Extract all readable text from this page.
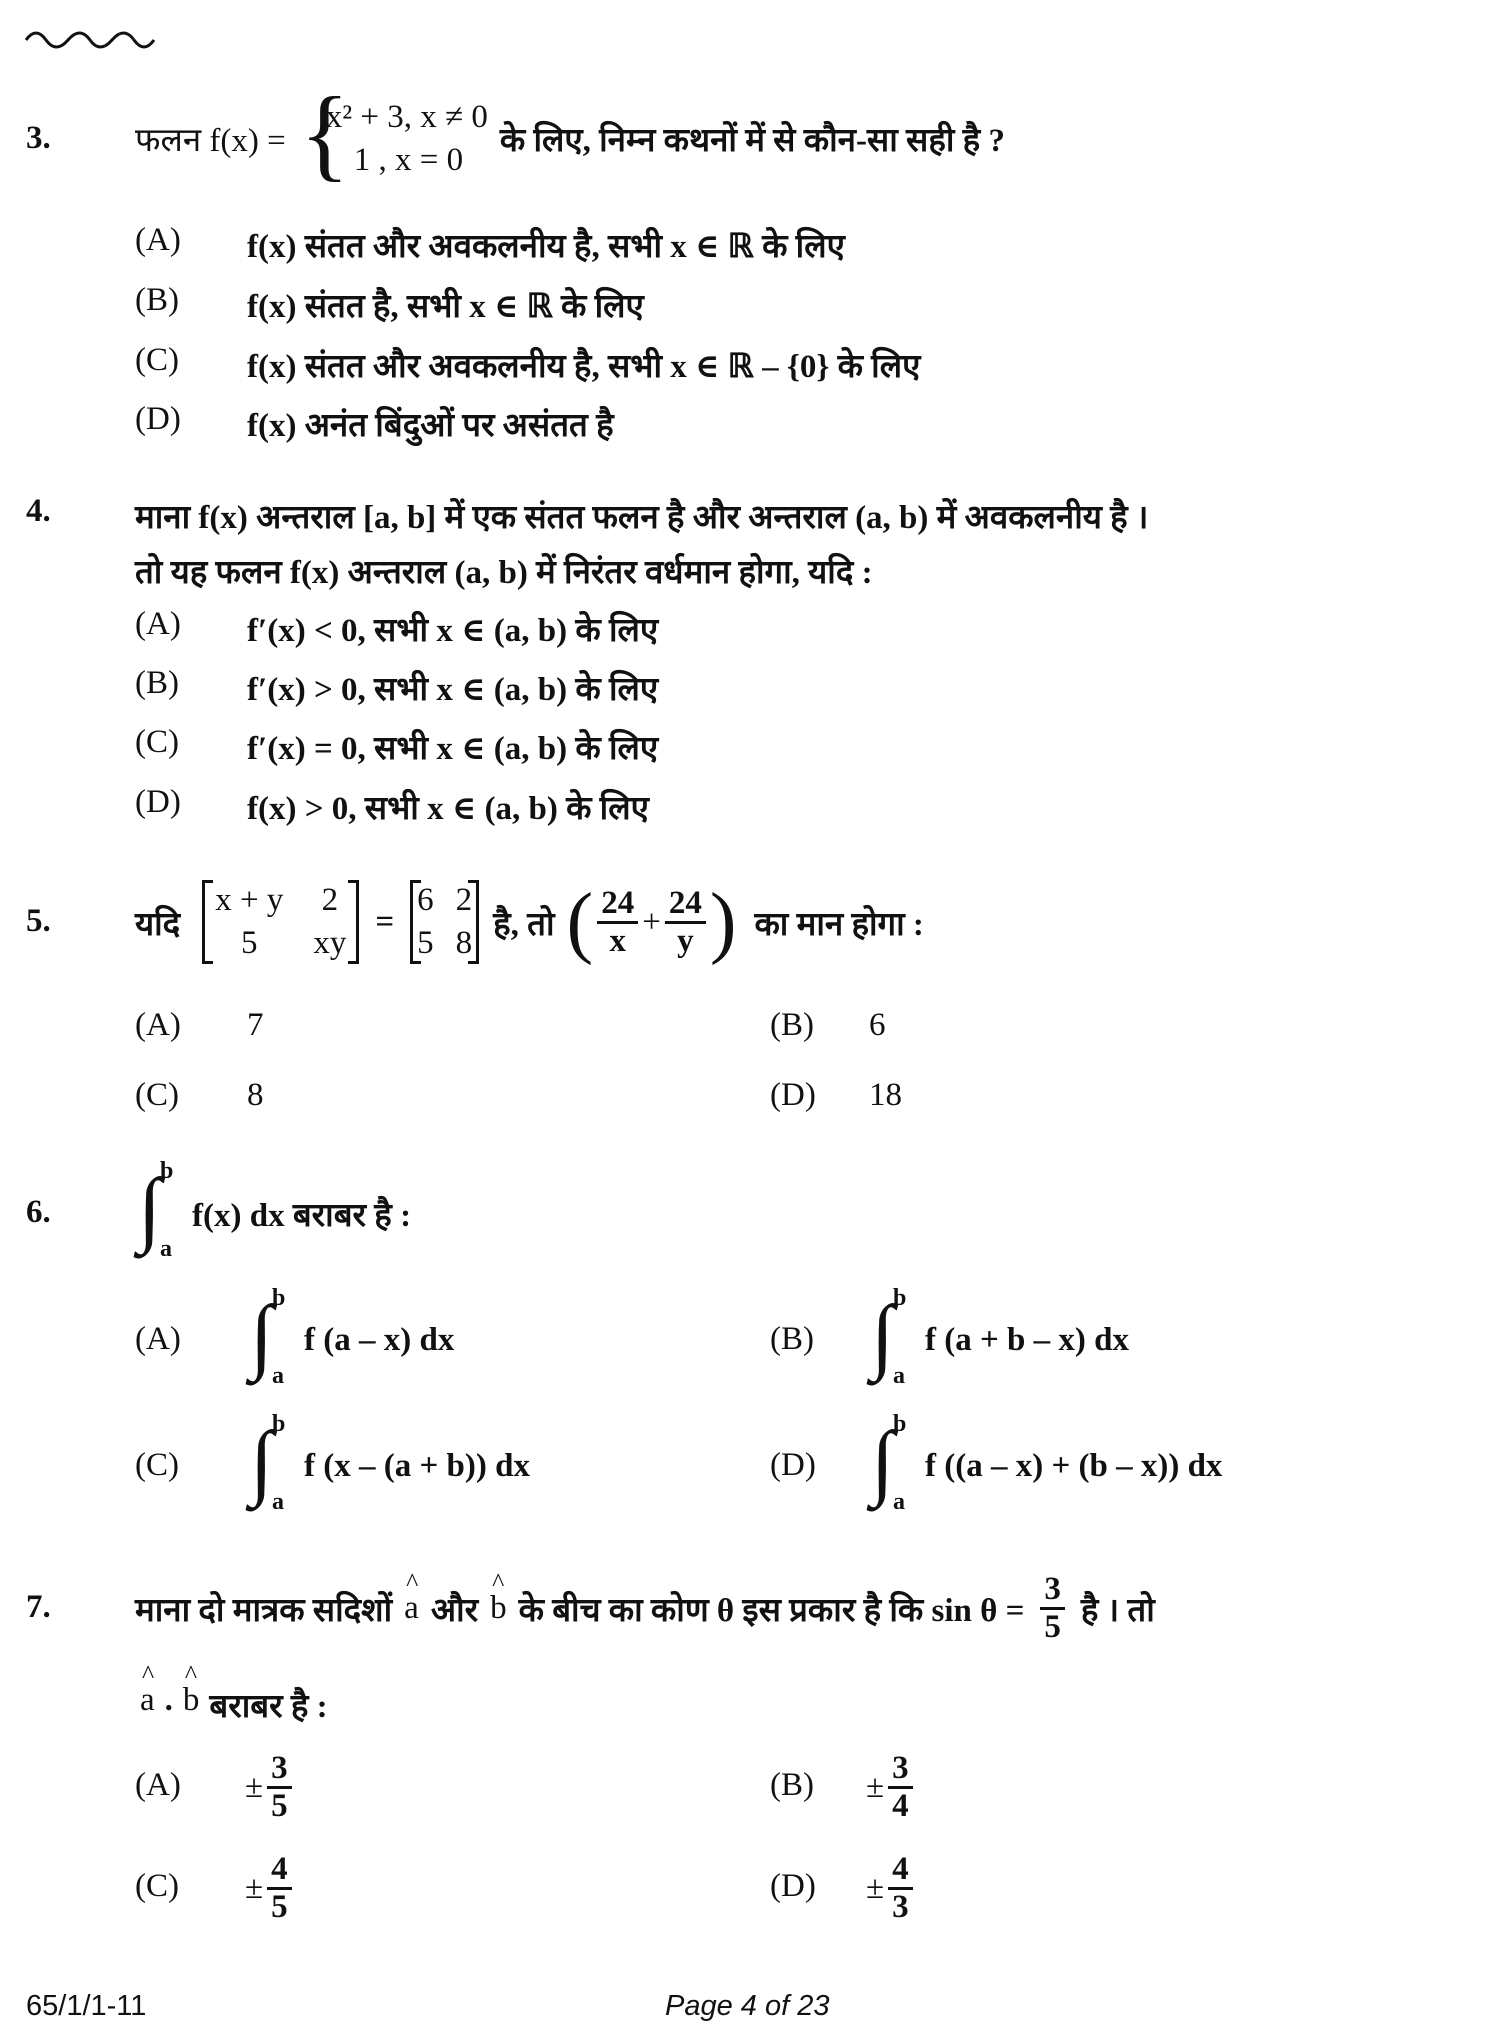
3.	फलन f(x) = {
x² + 3, x ≠ 0
1 , x = 0
के लिए, निम्न कथनों में से कौन-सा सही है ?
(A) f(x) संतत और अवकलनीय है, सभी x ∈ ℝ के लिए
(B) f(x) संतत है, सभी x ∈ ℝ के लिए
(C) f(x) संतत और अवकलनीय है, सभी x ∈ ℝ – {0} के लिए
(D) f(x) अनंत बिंदुओं पर असंतत है
4.	माना f(x) अन्तराल [a, b] में एक संतत फलन है और अन्तराल (a, b) में अवकलनीय है ।
तो यह फलन f(x) अन्तराल (a, b) में निरंतर वर्धमान होगा, यदि :
(A) f′(x) < 0, सभी x ∈ (a, b) के लिए
(B) f′(x) > 0, सभी x ∈ (a, b) के लिए
(C) f′(x) = 0, सभी x ∈ (a, b) के लिए
(D) f(x) > 0, सभी x ∈ (a, b) के लिए
5.	यदि
x + y 2
5	xy
=
6 2
5 8
है, तो ( $\frac{24}{x} + \frac{24}{y}$ ) का मान होगा :
(A) 7	(B) 6
(C) 8	(D) 18
6. ∫
b
a
f(x) dx बराबर है :
(A) ∫
b
a
f (a – x) dx	(B) ∫
b
a
f (a + b – x) dx
(C) ∫
b
a
f (x – (a + b)) dx	(D) ∫
b
a
f ((a – x) + (b – x)) dx
7.	माना दो मात्रक सदिशों ^ a और ^ b के बीच का कोण θ इस प्रकार है कि $\sin \theta = \frac{3}{5}$ है । तो
^ a . ^ b बराबर है :
$(A) \pm \frac{3}{5}$	$(B) \pm \frac{3}{4}$
$(C) \pm \frac{4}{5}$	$(D) \pm \frac{4}{3}$
65/1/1-11	Page 4 of 23
